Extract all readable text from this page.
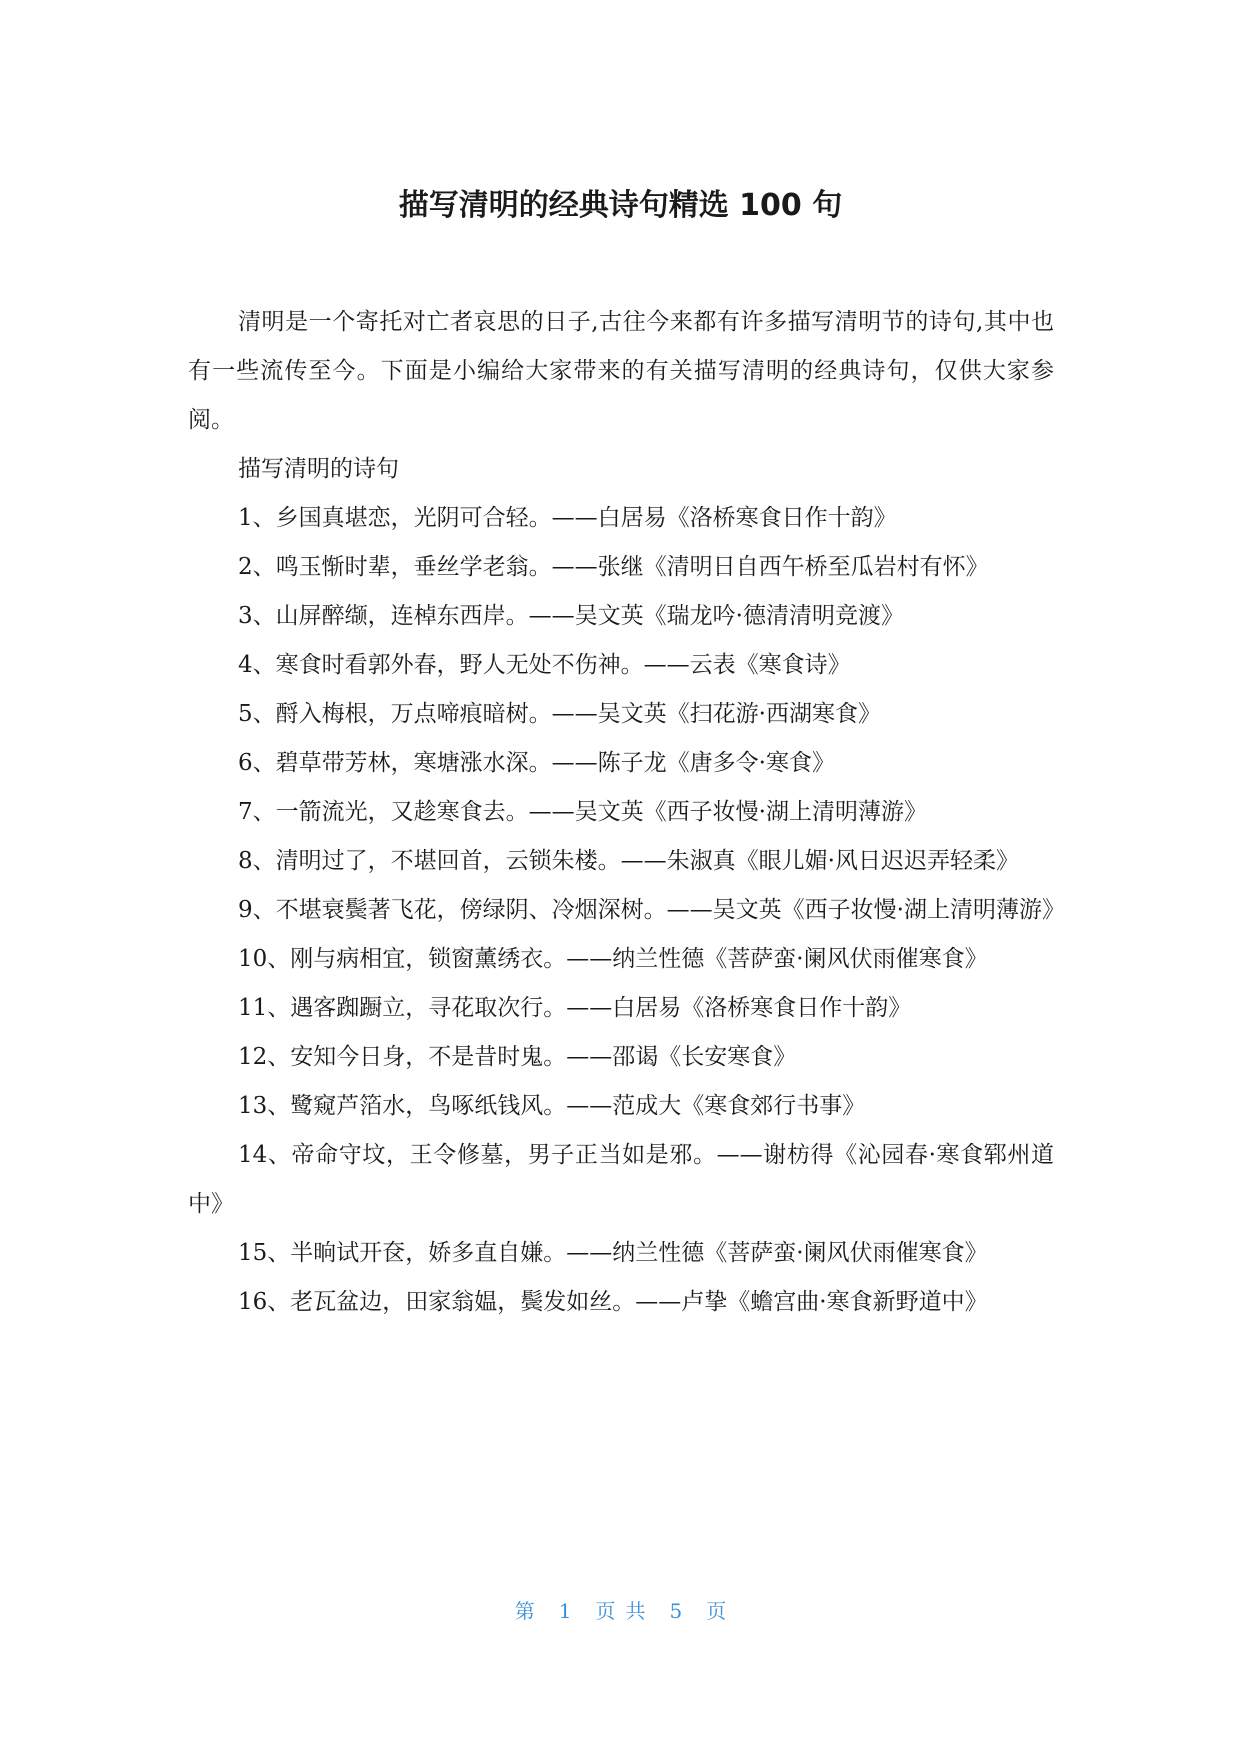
描写清明的经典诗句精选 100 句

清明是一个寄托对亡者哀思的日子,古往今来都有许多描写清明节的诗句,其中也有一些流传至今。下面是小编给大家带来的有关描写清明的经典诗句，仅供大家参阅。

描写清明的诗句

1、乡国真堪恋，光阴可合轻。——白居易《洛桥寒食日作十韵》

2、鸣玉惭时辈，垂丝学老翁。——张继《清明日自西午桥至瓜岩村有怀》

3、山屏醉缬，连棹东西岸。——吴文英《瑞龙吟·德清清明竞渡》

4、寒食时看郭外春，野人无处不伤神。——云表《寒食诗》

5、酹入梅根，万点啼痕暗树。——吴文英《扫花游·西湖寒食》

6、碧草带芳林，寒塘涨水深。——陈子龙《唐多令·寒食》

7、一箭流光，又趁寒食去。——吴文英《西子妆慢·湖上清明薄游》

8、清明过了，不堪回首，云锁朱楼。——朱淑真《眼儿媚·风日迟迟弄轻柔》

9、不堪衰鬓著飞花，傍绿阴、冷烟深树。——吴文英《西子妆慢·湖上清明薄游》

10、刚与病相宜，锁窗薰绣衣。——纳兰性德《菩萨蛮·阑风伏雨催寒食》

11、遇客踟蹰立，寻花取次行。——白居易《洛桥寒食日作十韵》

12、安知今日身，不是昔时鬼。——邵谒《长安寒食》

13、鹭窥芦箔水，鸟啄纸钱风。——范成大《寒食郊行书事》

14、帝命守坟，王令修墓，男子正当如是邪。——谢枋得《沁园春·寒食郓州道中》

15、半晌试开奁，娇多直自嫌。——纳兰性德《菩萨蛮·阑风伏雨催寒食》

16、老瓦盆边，田家翁媪，鬓发如丝。——卢挚《蟾宫曲·寒食新野道中》

第 1 页 共 5 页
